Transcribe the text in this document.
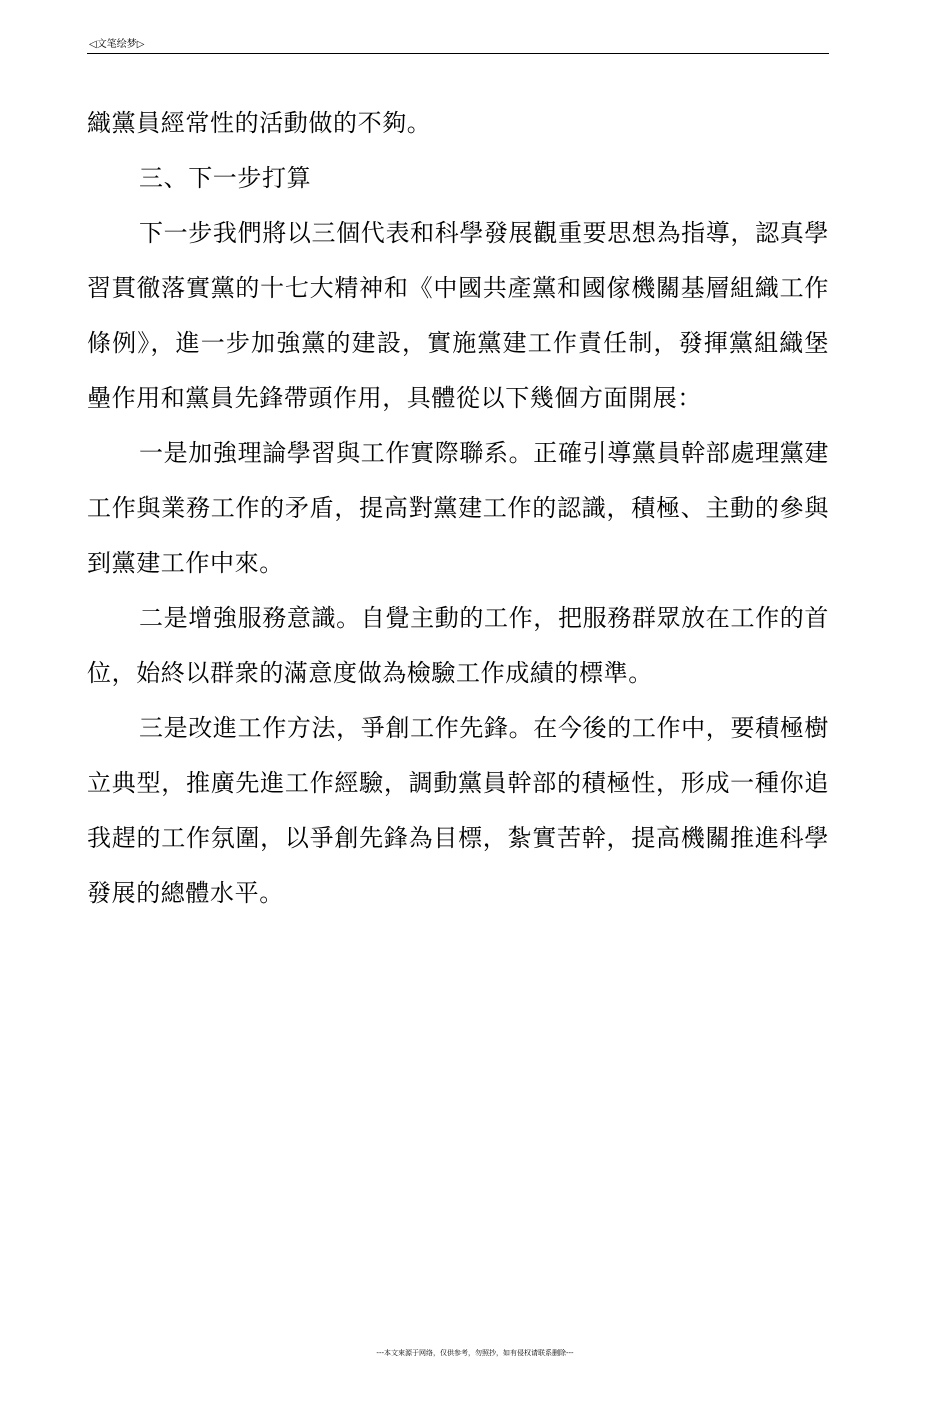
◁文笔绘梦▷

織黨員經常性的活動做的不夠。

三、下一步打算

下一步我們將以三個代表和科學發展觀重要思想為指導，認真學習貫徹落實黨的十七大精神和《中國共產黨和國傢機關基層組織工作條例》，進一步加強黨的建設，實施黨建工作責任制，發揮黨組織堡壘作用和黨員先鋒帶頭作用，具體從以下幾個方面開展：

一是加強理論學習與工作實際聯系。正確引導黨員幹部處理黨建工作與業務工作的矛盾，提高對黨建工作的認識，積極、主動的參與到黨建工作中來。

二是增強服務意識。自覺主動的工作，把服務群眾放在工作的首位，始終以群衆的滿意度做為檢驗工作成績的標準。

三是改進工作方法，爭創工作先鋒。在今後的工作中，要積極樹立典型，推廣先進工作經驗，調動黨員幹部的積極性，形成一種你追我趕的工作氛圍，以爭創先鋒為目標，紮實苦幹，提高機關推進科學發展的總體水平。

---本文來源于网络，仅供参考，勿照抄，如有侵权请联系删除---
